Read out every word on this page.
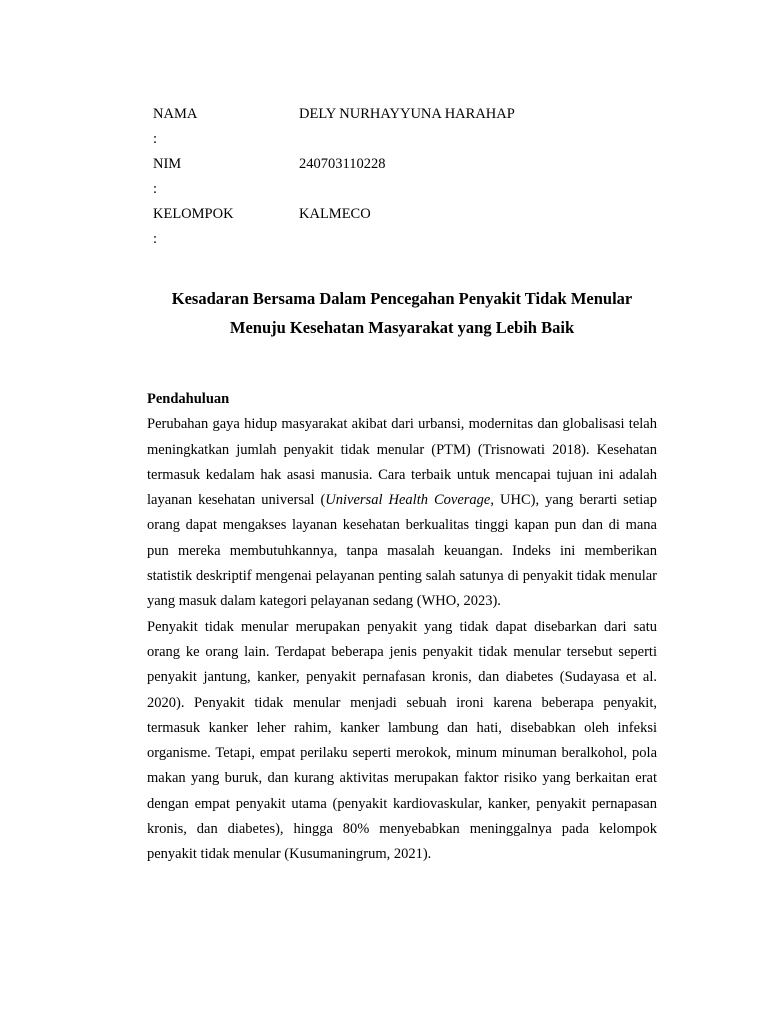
NAMA
:
DELY NURHAYYUNA HARAHAP
NIM
:
240703110228
KELOMPOK
:
KALMECO
Kesadaran Bersama Dalam Pencegahan Penyakit Tidak Menular
Menuju Kesehatan Masyarakat yang Lebih Baik

Pendahuluan

Perubahan gaya hidup masyarakat akibat dari urbansi, modernitas dan globalisasi telah meningkatkan jumlah penyakit tidak menular (PTM) (Trisnowati 2018). Kesehatan termasuk kedalam hak asasi manusia. Cara terbaik untuk mencapai tujuan ini adalah layanan kesehatan universal (Universal Health Coverage, UHC), yang berarti setiap orang dapat mengakses layanan kesehatan berkualitas tinggi kapan pun dan di mana pun mereka membutuhkannya, tanpa masalah keuangan. Indeks ini memberikan statistik deskriptif mengenai pelayanan penting salah satunya di penyakit tidak menular yang masuk dalam kategori pelayanan sedang (WHO, 2023).

Penyakit tidak menular merupakan penyakit yang tidak dapat disebarkan dari satu orang ke orang lain. Terdapat beberapa jenis penyakit tidak menular tersebut seperti penyakit jantung, kanker, penyakit pernafasan kronis, dan diabetes (Sudayasa et al. 2020). Penyakit tidak menular menjadi sebuah ironi karena beberapa penyakit, termasuk kanker leher rahim, kanker lambung dan hati, disebabkan oleh infeksi organisme. Tetapi, empat perilaku seperti merokok, minum minuman beralkohol, pola makan yang buruk, dan kurang aktivitas merupakan faktor risiko yang berkaitan erat dengan empat penyakit utama (penyakit kardiovaskular, kanker, penyakit pernapasan kronis, dan diabetes), hingga 80% menyebabkan meninggalnya pada kelompok penyakit tidak menular (Kusumaningrum, 2021).
